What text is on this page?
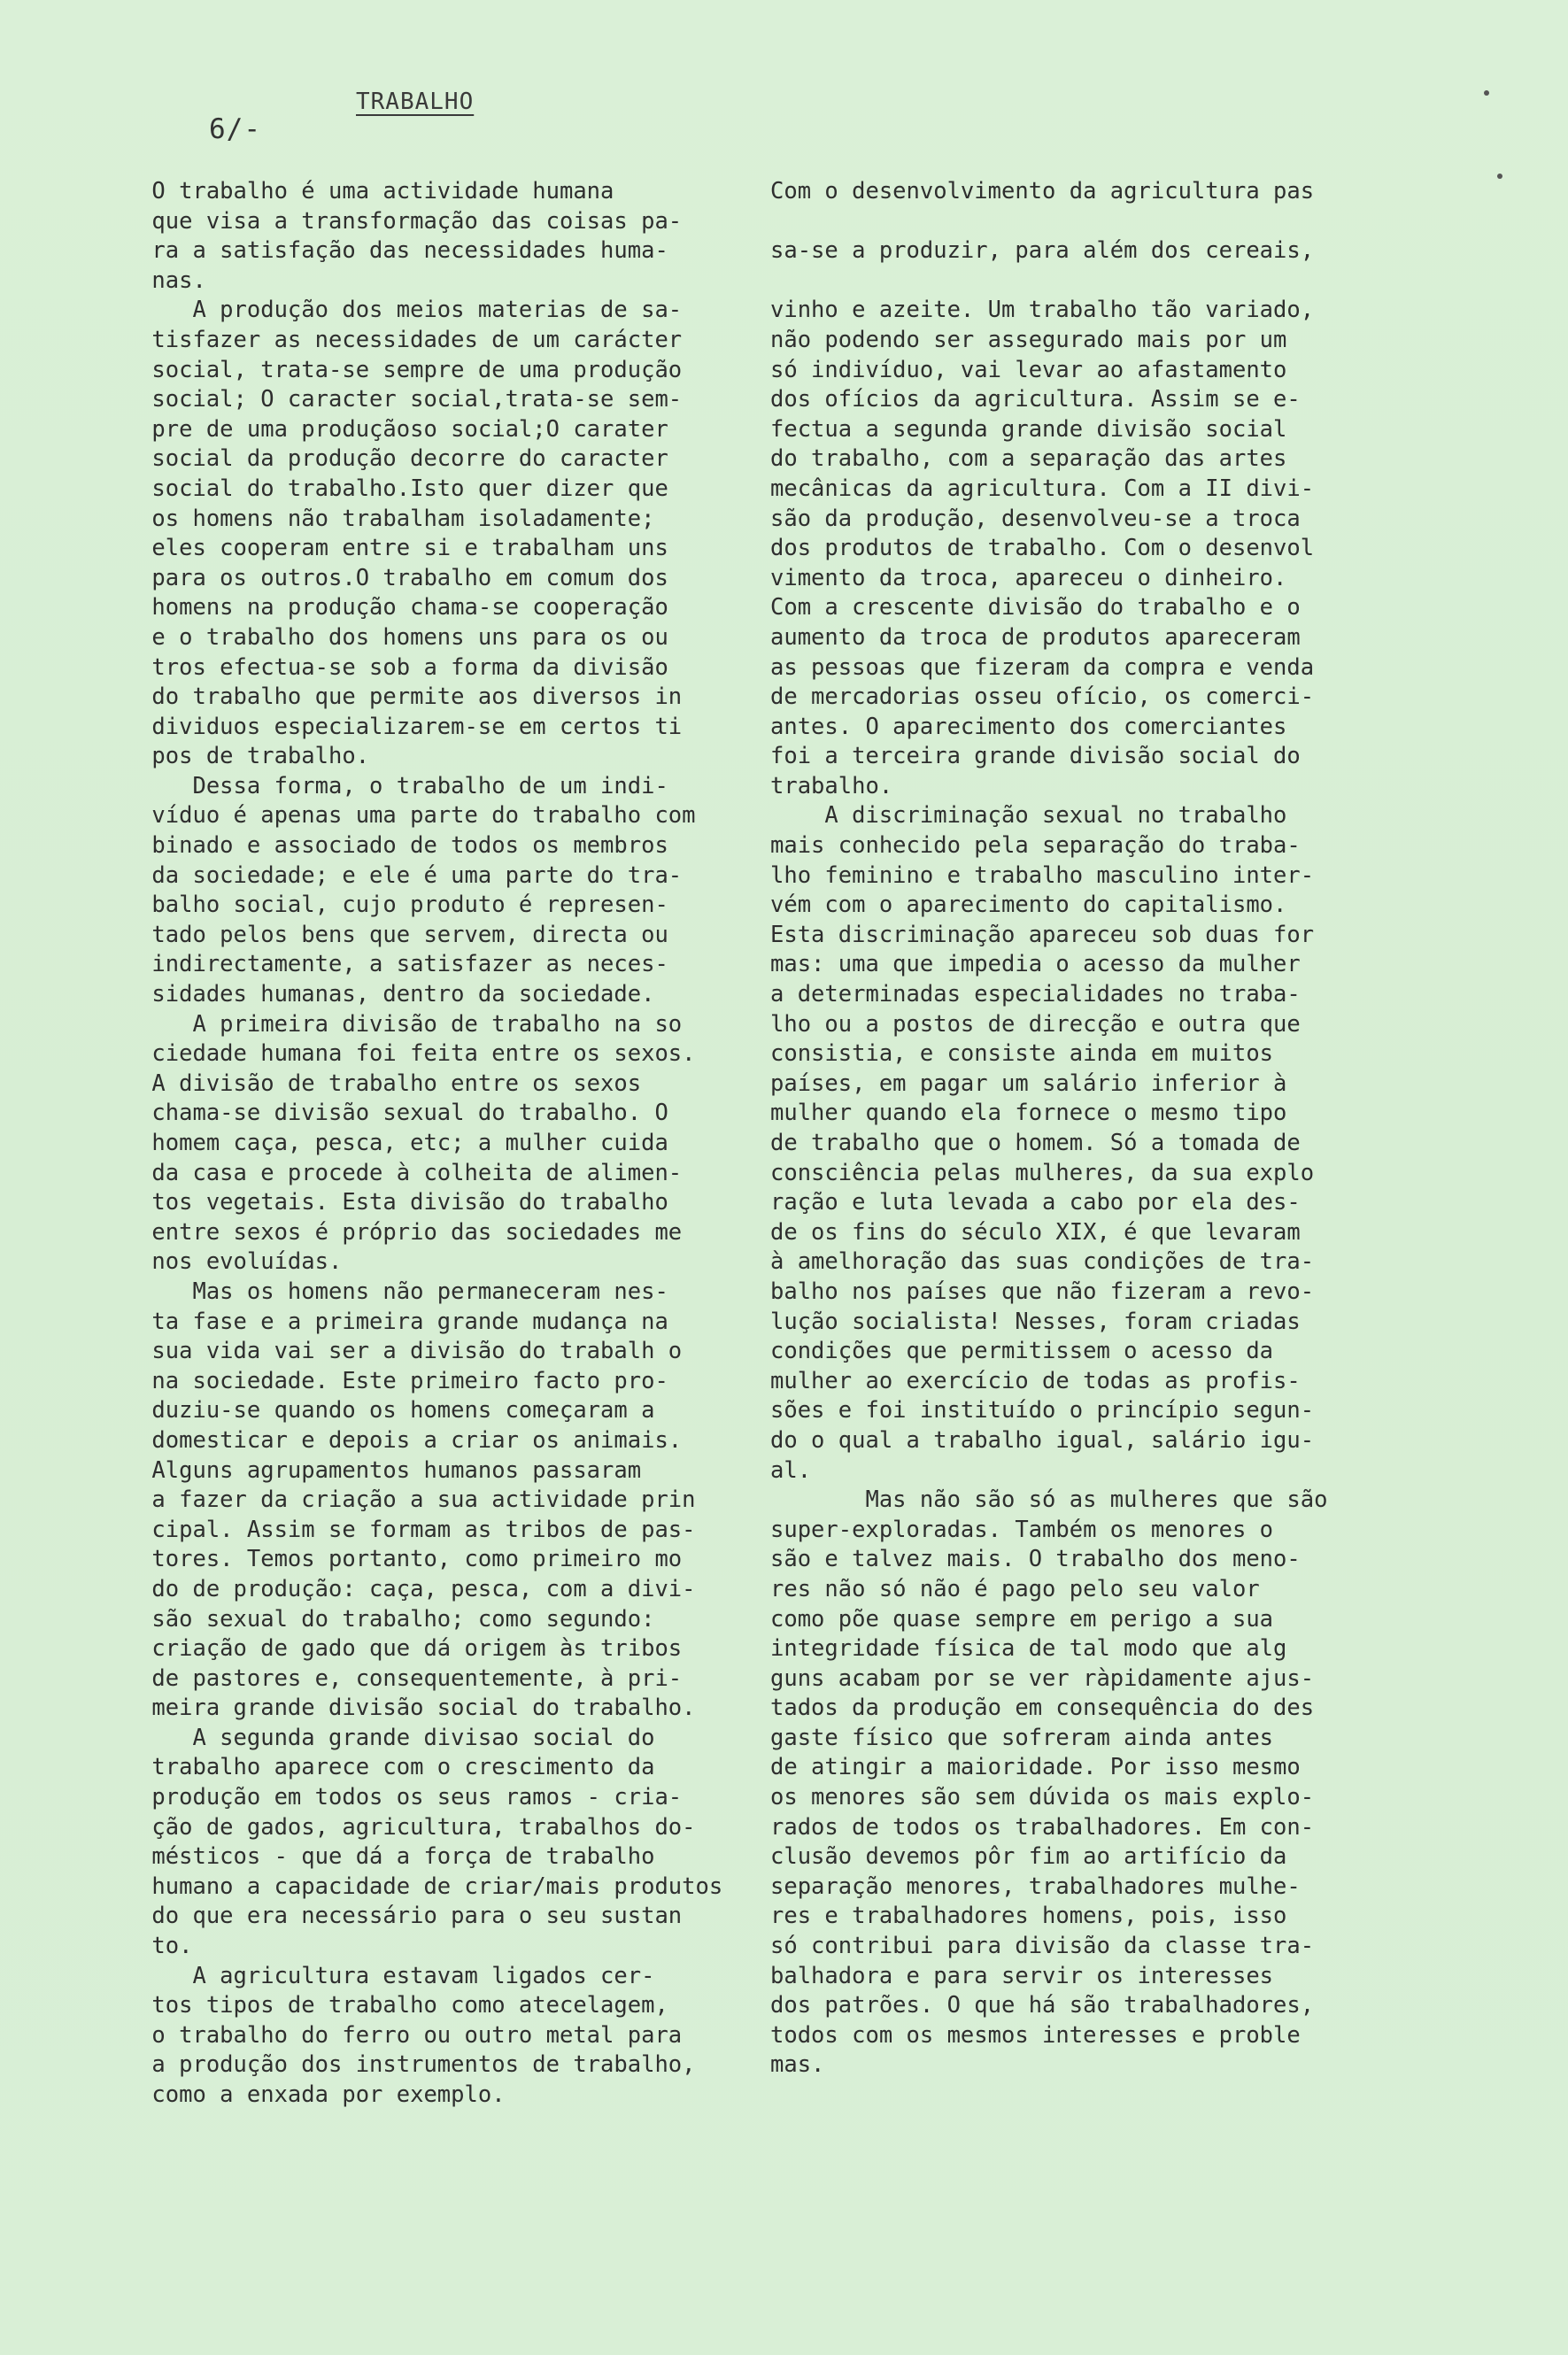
6/-
TRABALHO
O trabalho é uma actividade humana
que visa a transformação das coisas pa-
ra a satisfação das necessidades huma-
nas.
A produção dos meios materias de sa-
tisfazer as necessidades de um carácter
social, trata-se sempre de uma produção
social; O caracter social,trata-se sem-
pre de uma produçãoso social;O carater
social da produção decorre do caracter
social do trabalho.Isto quer dizer que
os homens não trabalham isoladamente;
eles cooperam entre si e trabalham uns
para os outros.O trabalho em comum dos
homens na produção chama-se cooperação
e o trabalho dos homens uns para os ou
tros efectua-se sob a forma da divisão
do trabalho que permite aos diversos in
dividuos especializarem-se em certos ti
pos de trabalho.
Dessa forma, o trabalho de um indi-
víduo é apenas uma parte do trabalho com
binado e associado de todos os membros
da sociedade; e ele é uma parte do tra-
balho social, cujo produto é represen-
tado pelos bens que servem, directa ou
indirectamente, a satisfazer as neces-
sidades humanas, dentro da sociedade.
A primeira divisão de trabalho na so
ciedade humana foi feita entre os sexos.
A divisão de trabalho entre os sexos
chama-se divisão sexual do trabalho. O
homem caça, pesca, etc; a mulher cuida
da casa e procede à colheita de alimen-
tos vegetais. Esta divisão do trabalho
entre sexos é próprio das sociedades me
nos evoluídas.
Mas os homens não permaneceram nes-
ta fase e a primeira grande mudança na
sua vida vai ser a divisão do trabalh o
na sociedade. Este primeiro facto pro-
duziu-se quando os homens começaram a
domesticar e depois a criar os animais.
Alguns agrupamentos humanos passaram
a fazer da criação a sua actividade prin
cipal. Assim se formam as tribos de pas-
tores. Temos portanto, como primeiro mo
do de produção: caça, pesca, com a divi-
são sexual do trabalho; como segundo:
criação de gado que dá origem às tribos
de pastores e, consequentemente, à pri-
meira grande divisão social do trabalho.
A segunda grande divisao social do
trabalho aparece com o crescimento da
produção em todos os seus ramos - cria-
ção de gados, agricultura, trabalhos do-
mésticos - que dá a força de trabalho
humano a capacidade de criar/mais produtos
do que era necessário para o seu sustan
to.
A agricultura estavam ligados cer-
tos tipos de trabalho como atecelagem,
o trabalho do ferro ou outro metal para
a produção dos instrumentos de trabalho,
como a enxada por exemplo.
Com o desenvolvimento da agricultura pas
sa-se a produzir, para além dos cereais,
vinho e azeite. Um trabalho tão variado,
não podendo ser assegurado mais por um
só indivíduo, vai levar ao afastamento
dos ofícios da agricultura. Assim se e-
fectua a segunda grande divisão social
do trabalho, com a separação das artes
mecânicas da agricultura. Com a II divi-
são da produção, desenvolveu-se a troca
dos produtos de trabalho. Com o desenvol
vimento da troca, apareceu o dinheiro.
Com a crescente divisão do trabalho e o
aumento da troca de produtos apareceram
as pessoas que fizeram da compra e venda
de mercadorias osseu ofício, os comerci-
antes. O aparecimento dos comerciantes
foi a terceira grande divisão social do
trabalho.
A discriminação sexual no trabalho
mais conhecido pela separação do traba-
lho feminino e trabalho masculino inter-
vém com o aparecimento do capitalismo.
Esta discriminação apareceu sob duas for
mas: uma que impedia o acesso da mulher
a determinadas especialidades no traba-
lho ou a postos de direcção e outra que
consistia, e consiste ainda em muitos
países, em pagar um salário inferior à
mulher quando ela fornece o mesmo tipo
de trabalho que o homem. Só a tomada de
consciência pelas mulheres, da sua explo
ração e luta levada a cabo por ela des-
de os fins do século XIX, é que levaram
à amelhoração das suas condições de tra-
balho nos países que não fizeram a revo-
lução socialista! Nesses, foram criadas
condições que permitissem o acesso da
mulher ao exercício de todas as profis-
sões e foi instituído o princípio segun-
do o qual a trabalho igual, salário igu-
al.
Mas não são só as mulheres que são
super-exploradas. Também os menores o
são e talvez mais. O trabalho dos meno-
res não só não é pago pelo seu valor
como põe quase sempre em perigo a sua
integridade física de tal modo que alg
guns acabam por se ver ràpidamente ajus-
tados da produção em consequência do des
gaste físico que sofreram ainda antes
de atingir a maioridade. Por isso mesmo
os menores são sem dúvida os mais explo-
rados de todos os trabalhadores. Em con-
clusão devemos pôr fim ao artifício da
separação menores, trabalhadores mulhe-
res e trabalhadores homens, pois, isso
só contribui para divisão da classe tra-
balhadora e para servir os interesses
dos patrões. O que há são trabalhadores,
todos com os mesmos interesses e proble
mas.
